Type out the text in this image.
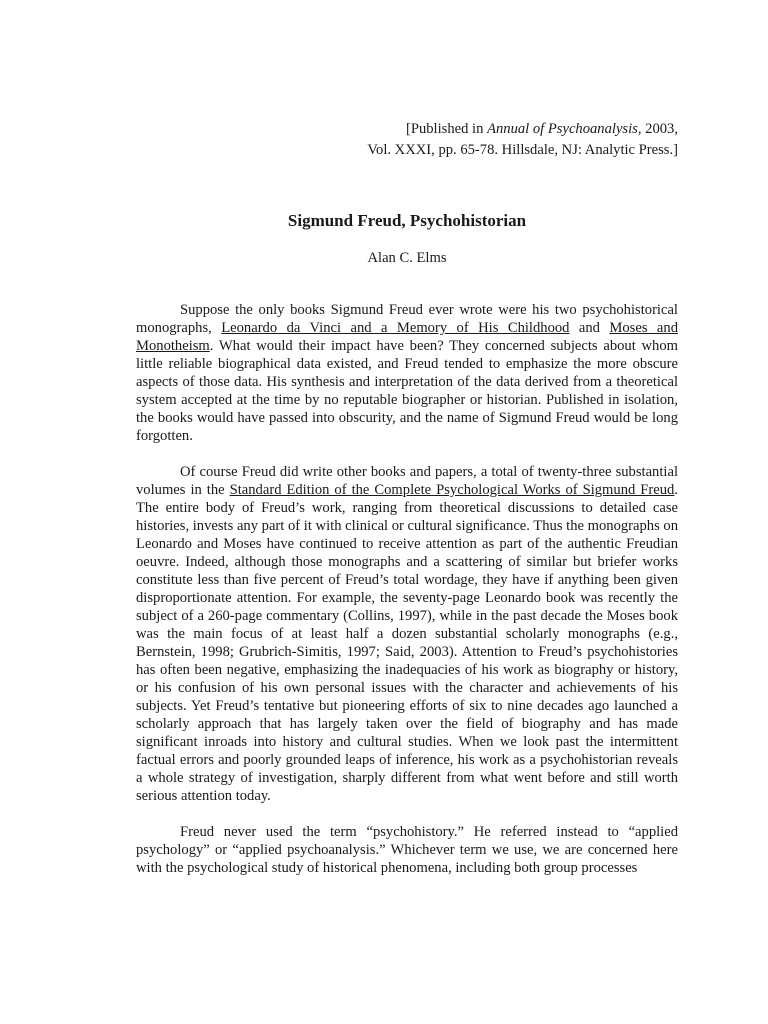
[Published in Annual of Psychoanalysis, 2003,
Vol. XXXI, pp. 65-78. Hillsdale, NJ: Analytic Press.]
Sigmund Freud, Psychohistorian
Alan C. Elms

Suppose the only books Sigmund Freud ever wrote were his two psychohistorical monographs, Leonardo da Vinci and a Memory of His Childhood and Moses and Monotheism. What would their impact have been? They concerned subjects about whom little reliable biographical data existed, and Freud tended to emphasize the more obscure aspects of those data. His synthesis and interpretation of the data derived from a theoretical system accepted at the time by no reputable biographer or historian. Published in isolation, the books would have passed into obscurity, and the name of Sigmund Freud would be long forgotten.

Of course Freud did write other books and papers, a total of twenty-three substantial volumes in the Standard Edition of the Complete Psychological Works of Sigmund Freud. The entire body of Freud’s work, ranging from theoretical discussions to detailed case histories, invests any part of it with clinical or cultural significance. Thus the monographs on Leonardo and Moses have continued to receive attention as part of the authentic Freudian oeuvre. Indeed, although those monographs and a scattering of similar but briefer works constitute less than five percent of Freud’s total wordage, they have if anything been given disproportionate attention. For example, the seventy-page Leonardo book was recently the subject of a 260-page commentary (Collins, 1997), while in the past decade the Moses book was the main focus of at least half a dozen substantial scholarly monographs (e.g., Bernstein, 1998; Grubrich-Simitis, 1997; Said, 2003). Attention to Freud’s psychohistories has often been negative, emphasizing the inadequacies of his work as biography or history, or his confusion of his own personal issues with the character and achievements of his subjects. Yet Freud’s tentative but pioneering efforts of six to nine decades ago launched a scholarly approach that has largely taken over the field of biography and has made significant inroads into history and cultural studies. When we look past the intermittent factual errors and poorly grounded leaps of inference, his work as a psychohistorian reveals a whole strategy of investigation, sharply different from what went before and still worth serious attention today.

Freud never used the term “psychohistory.” He referred instead to “applied psychology” or “applied psychoanalysis.” Whichever term we use, we are concerned here with the psychological study of historical phenomena, including both group processes
